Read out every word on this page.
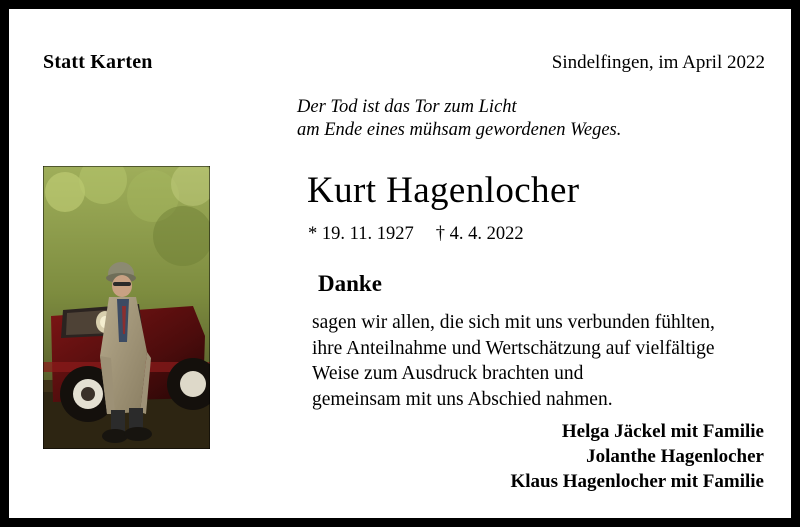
Statt Karten	Sindelfingen, im April 2022
Der Tod ist das Tor zum Licht
am Ende eines mühsam gewordenen Weges.
Kurt Hagenlocher
* 19. 11. 1927 † 4. 4. 2022
Danke
sagen wir allen, die sich mit uns verbunden fühlten,
ihre Anteilnahme und Wertschätzung auf vielfältige
Weise zum Ausdruck brachten und
gemeinsam mit uns Abschied nahmen.
Helga Jäckel mit Familie
Jolanthe Hagenlocher
Klaus Hagenlocher mit Familie
